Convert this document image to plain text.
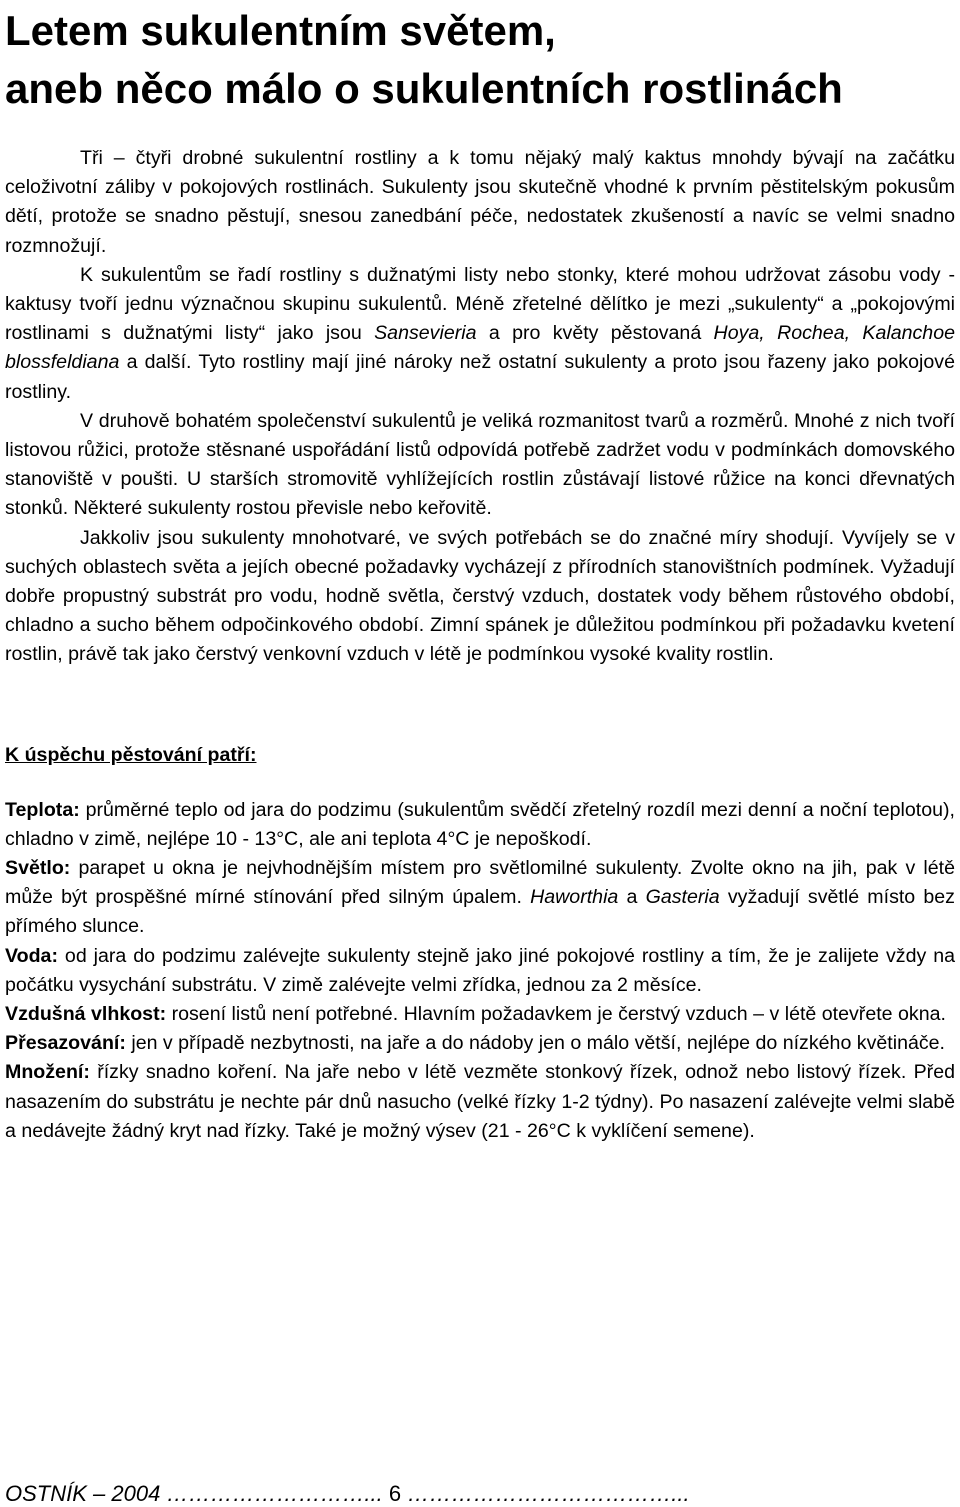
Letem sukulentním světem,
aneb něco málo o sukulentních rostlinách

Tři – čtyři drobné sukulentní rostliny a k tomu nějaký malý kaktus mnohdy bývají na začátku celoživotní záliby v pokojových rostlinách. Sukulenty jsou skutečně vhodné k prvním pěstitelským pokusům dětí, protože se snadno pěstují, snesou zanedbání péče, nedostatek zkušeností a navíc se velmi snadno rozmnožují.

K sukulentům se řadí rostliny s dužnatými listy nebo stonky, které mohou udržovat zásobu vody - kaktusy tvoří jednu význačnou skupinu sukulentů. Méně zřetelné dělítko je mezi „sukulenty“ a „pokojovými rostlinami s dužnatými listy“ jako jsou Sansevieria a pro květy pěstovaná Hoya, Rochea, Kalanchoe blossfeldiana a další. Tyto rostliny mají jiné nároky než ostatní sukulenty a proto jsou řazeny jako pokojové rostliny.

V druhově bohatém společenství sukulentů je veliká rozmanitost tvarů a rozměrů. Mnohé z nich tvoří listovou růžici, protože stěsnané uspořádání listů odpovídá potřebě zadržet vodu v podmínkách domovského stanoviště v poušti. U starších stromovitě vyhlížejících rostlin zůstávají listové růžice na konci dřevnatých stonků. Některé sukulenty rostou převisle nebo keřovitě.

Jakkoliv jsou sukulenty mnohotvaré, ve svých potřebách se do značné míry shodují. Vyvíjely se v suchých oblastech světa a jejích obecné požadavky vycházejí z přírodních stanovištních podmínek. Vyžadují dobře propustný substrát pro vodu, hodně světla, čerstvý vzduch, dostatek vody během růstového období, chladno a sucho během odpočinkového období. Zimní spánek je důležitou podmínkou při požadavku kvetení rostlin, právě tak jako čerstvý venkovní vzduch v létě je podmínkou vysoké kvality rostlin.

K úspěchu pěstování patří:

Teplota: průměrné teplo od jara do podzimu (sukulentům svědčí zřetelný rozdíl mezi denní a noční teplotou), chladno v zimě, nejlépe 10 - 13°C, ale ani teplota 4°C je nepoškodí.

Světlo: parapet u okna je nejvhodnějším místem pro světlomilné sukulenty. Zvolte okno na jih, pak v létě může být prospěšné mírné stínování před silným úpalem. Haworthia a Gasteria vyžadují světlé místo bez přímého slunce.

Voda: od jara do podzimu zalévejte sukulenty stejně jako jiné pokojové rostliny a tím, že je zalijete vždy na počátku vysychání substrátu. V zimě zalévejte velmi zřídka, jednou za 2 měsíce.

Vzdušná vlhkost: rosení listů není potřebné. Hlavním požadavkem je čerstvý vzduch – v létě otevřete okna.

Přesazování: jen v případě nezbytnosti, na jaře a do nádoby jen o málo větší, nejlépe do nízkého květináče.

Množení: řízky snadno koření. Na jaře nebo v létě vezměte stonkový řízek, odnož nebo listový řízek. Před nasazením do substrátu je nechte pár dnů nasucho (velké řízky 1-2 týdny). Po nasazení zalévejte velmi slabě a nedávejte žádný kryt nad řízky. Také je možný výsev (21 - 26°C k vyklíčení semene).

OSTNÍK – 2004 ………………………... 6 ………………………………...
